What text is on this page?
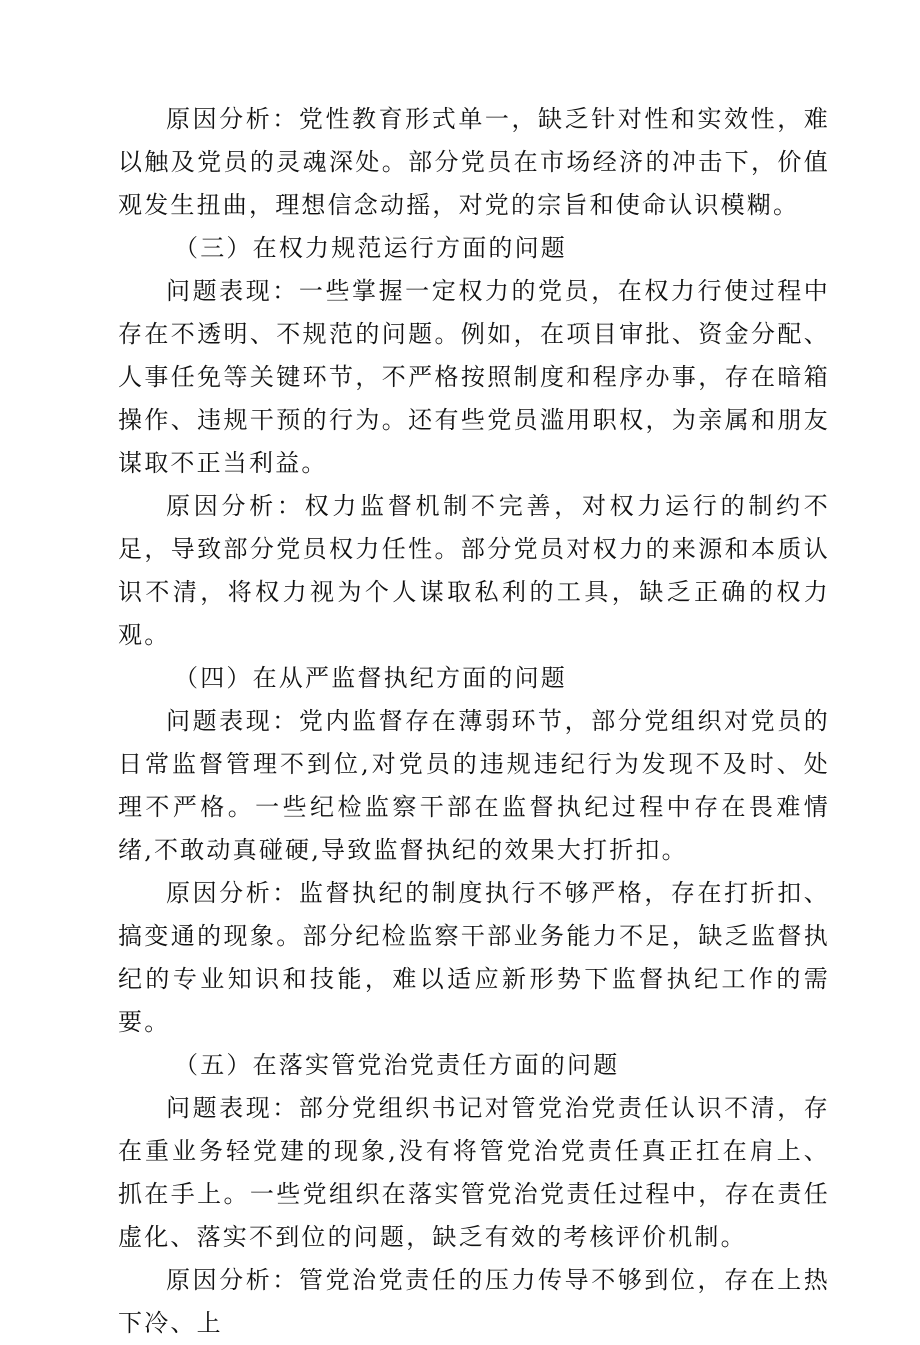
原因分析：党性教育形式单一，缺乏针对性和实效性，难以触及党员的灵魂深处。部分党员在市场经济的冲击下，价值观发生扭曲，理想信念动摇，对党的宗旨和使命认识模糊。

（三）在权力规范运行方面的问题

问题表现：一些掌握一定权力的党员，在权力行使过程中存在不透明、不规范的问题。例如，在项目审批、资金分配、人事任免等关键环节，不严格按照制度和程序办事，存在暗箱操作、违规干预的行为。还有些党员滥用职权，为亲属和朋友谋取不正当利益。

原因分析：权力监督机制不完善，对权力运行的制约不足，导致部分党员权力任性。部分党员对权力的来源和本质认识不清，将权力视为个人谋取私利的工具，缺乏正确的权力观。

（四）在从严监督执纪方面的问题

问题表现：党内监督存在薄弱环节，部分党组织对党员的日常监督管理不到位,对党员的违规违纪行为发现不及时、处理不严格。一些纪检监察干部在监督执纪过程中存在畏难情绪,不敢动真碰硬,导致监督执纪的效果大打折扣。

原因分析：监督执纪的制度执行不够严格，存在打折扣、搞变通的现象。部分纪检监察干部业务能力不足，缺乏监督执纪的专业知识和技能，难以适应新形势下监督执纪工作的需要。

（五）在落实管党治党责任方面的问题

问题表现：部分党组织书记对管党治党责任认识不清，存在重业务轻党建的现象,没有将管党治党责任真正扛在肩上、抓在手上。一些党组织在落实管党治党责任过程中，存在责任虚化、落实不到位的问题，缺乏有效的考核评价机制。

原因分析：管党治党责任的压力传导不够到位，存在上热下冷、上
